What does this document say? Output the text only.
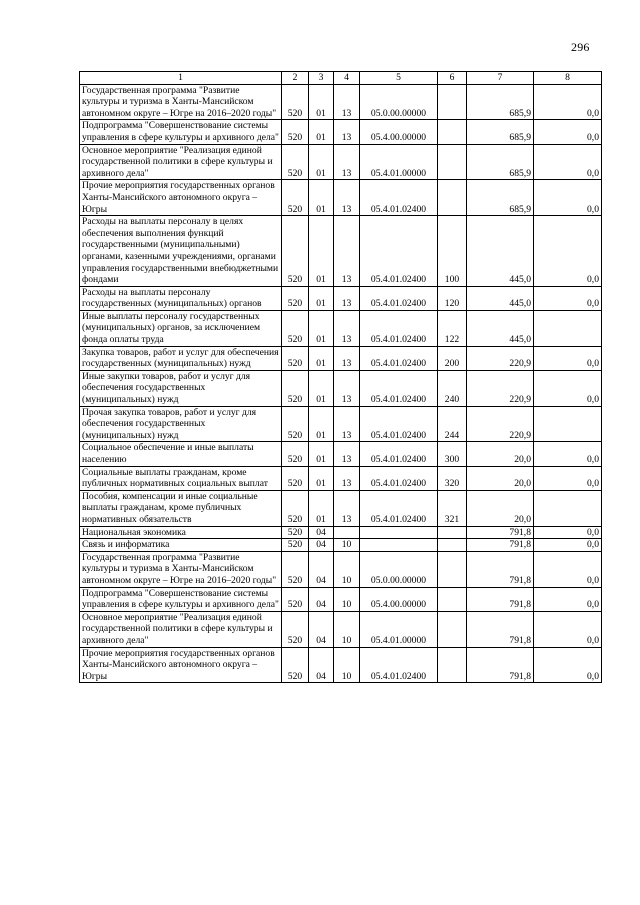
296
1	2	3	4	5	6	7	8
Государственная программа "Развитие культуры и туризма в Ханты-Мансийском автономном округе – Югре на 2016–2020 годы"	520	01	13	05.0.00.00000		685,9	0,0
Подпрограмма "Совершенствование системы управления в сфере культуры и архивного дела"	520	01	13	05.4.00.00000		685,9	0,0
Основное мероприятие "Реализация единой государственной политики в сфере культуры и архивного дела"	520	01	13	05.4.01.00000		685,9	0,0
Прочие мероприятия государственных органов Ханты-Мансийского автономного округа – Югры	520	01	13	05.4.01.02400		685,9	0,0
Расходы на выплаты персоналу в целях обеспечения выполнения функций государственными (муниципальными) органами, казенными учреждениями, органами управления государственными внебюджетными фондами	520	01	13	05.4.01.02400	100	445,0	0,0
Расходы на выплаты персоналу государственных (муниципальных) органов	520	01	13	05.4.01.02400	120	445,0	0,0
Иные выплаты персоналу государственных (муниципальных) органов, за исключением фонда оплаты труда	520	01	13	05.4.01.02400	122	445,0	
Закупка товаров, работ и услуг для обеспечения государственных (муниципальных) нужд	520	01	13	05.4.01.02400	200	220,9	0,0
Иные закупки товаров, работ и услуг для обеспечения государственных (муниципальных) нужд	520	01	13	05.4.01.02400	240	220,9	0,0
Прочая закупка товаров, работ и услуг для обеспечения государственных (муниципальных) нужд	520	01	13	05.4.01.02400	244	220,9	
Социальное обеспечение и иные выплаты населению	520	01	13	05.4.01.02400	300	20,0	0,0
Социальные выплаты гражданам, кроме публичных нормативных социальных выплат	520	01	13	05.4.01.02400	320	20,0	0,0
Пособия, компенсации и иные социальные выплаты гражданам, кроме публичных нормативных обязательств	520	01	13	05.4.01.02400	321	20,0	
Национальная экономика	520	04				791,8	0,0
Связь и информатика	520	04	10			791,8	0,0
Государственная программа "Развитие культуры и туризма в Ханты-Мансийском автономном округе – Югре на 2016–2020 годы"	520	04	10	05.0.00.00000		791,8	0,0
Подпрограмма "Совершенствование системы управления в сфере культуры и архивного дела"	520	04	10	05.4.00.00000		791,8	0,0
Основное мероприятие "Реализация единой государственной политики в сфере культуры и архивного дела"	520	04	10	05.4.01.00000		791,8	0,0
Прочие мероприятия государственных органов Ханты-Мансийского автономного округа – Югры	520	04	10	05.4.01.02400		791,8	0,0
